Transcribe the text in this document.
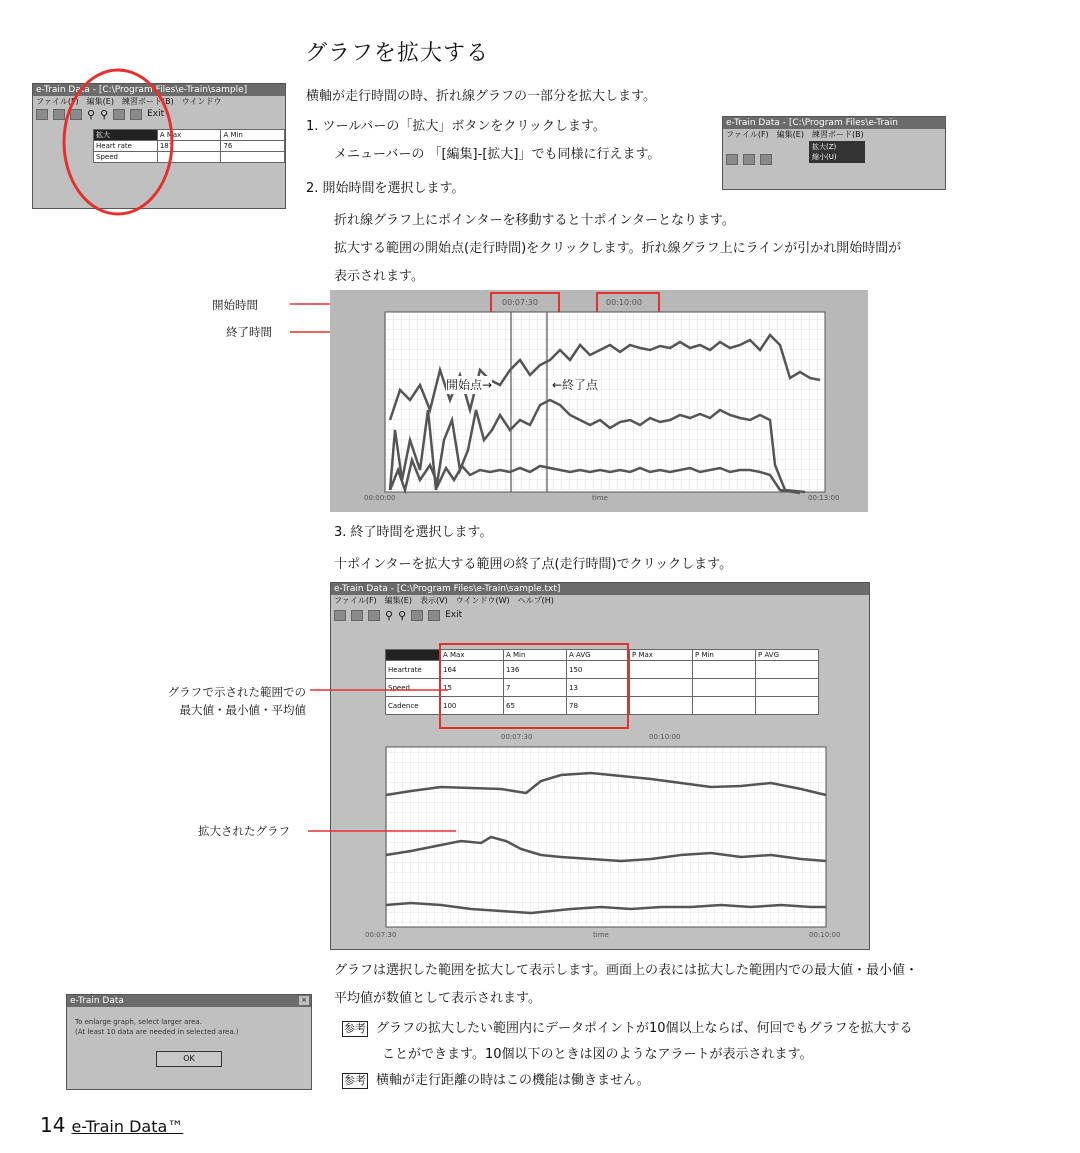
グラフを拡大する
横軸が走行時間の時、折れ線グラフの一部分を拡大します。
e-Train Data - [C:\Program Files\e-Train\sample]
ファイル(F)　編集(E)　練習ボード(B)　ウインドウ
⚲ ⚲	Exit
拡大	A Max	A Min
Heart rate	187	76
Speed		
1. ツールバーの「拡大」ボタンをクリックします。
メニューバーの 「[編集]-[拡大]」でも同様に行えます。
e-Train Data - [C:\Program Files\e-Train
ファイル(F)　編集(E)　練習ボード(B)
拡大(Z)
縮小(U)
2. 開始時間を選択します。
折れ線グラフ上にポインターを移動すると十ポインターとなります。
拡大する範囲の開始点(走行時間)をクリックします。折れ線グラフ上にラインが引かれ開始時間が
表示されます。
開始時間
終了時間
00:07:30	00:10:00
開始点→	←終了点
00:00:00	time	00:13:00
3. 終了時間を選択します。
十ポインターを拡大する範囲の終了点(走行時間)でクリックします。
e-Train Data - [C:\Program Files\e-Train\sample.txt]
ファイル(F)　編集(E)　表示(V)　ウインドウ(W)　ヘルプ(H)
⚲ ⚲	Exit
	A Max	A Min	A AVG	P Max	P Min	P AVG
Heartrate	164	136	150			
Speed	15	7	13			
Cadence	100	65	78			
00:07:30	00:10:00
00:07:30	time	00:10:00
グラフで示された範囲での
最大値・最小値・平均値
拡大されたグラフ
グラフは選択した範囲を拡大して表示します。画面上の表には拡大した範囲内での最大値・最小値・
平均値が数値として表示されます。
参考 グラフの拡大したい範囲内にデータポイントが10個以上ならば、何回でもグラフを拡大する
ことができます。10個以下のときは図のようなアラートが表示されます。
参考 横軸が走行距離の時はこの機能は働きません。
e-Train Data	×
To enlarge graph, select larger area.
(At least 10 data are needed in selected area.)
OK
14 e-Train Data™
